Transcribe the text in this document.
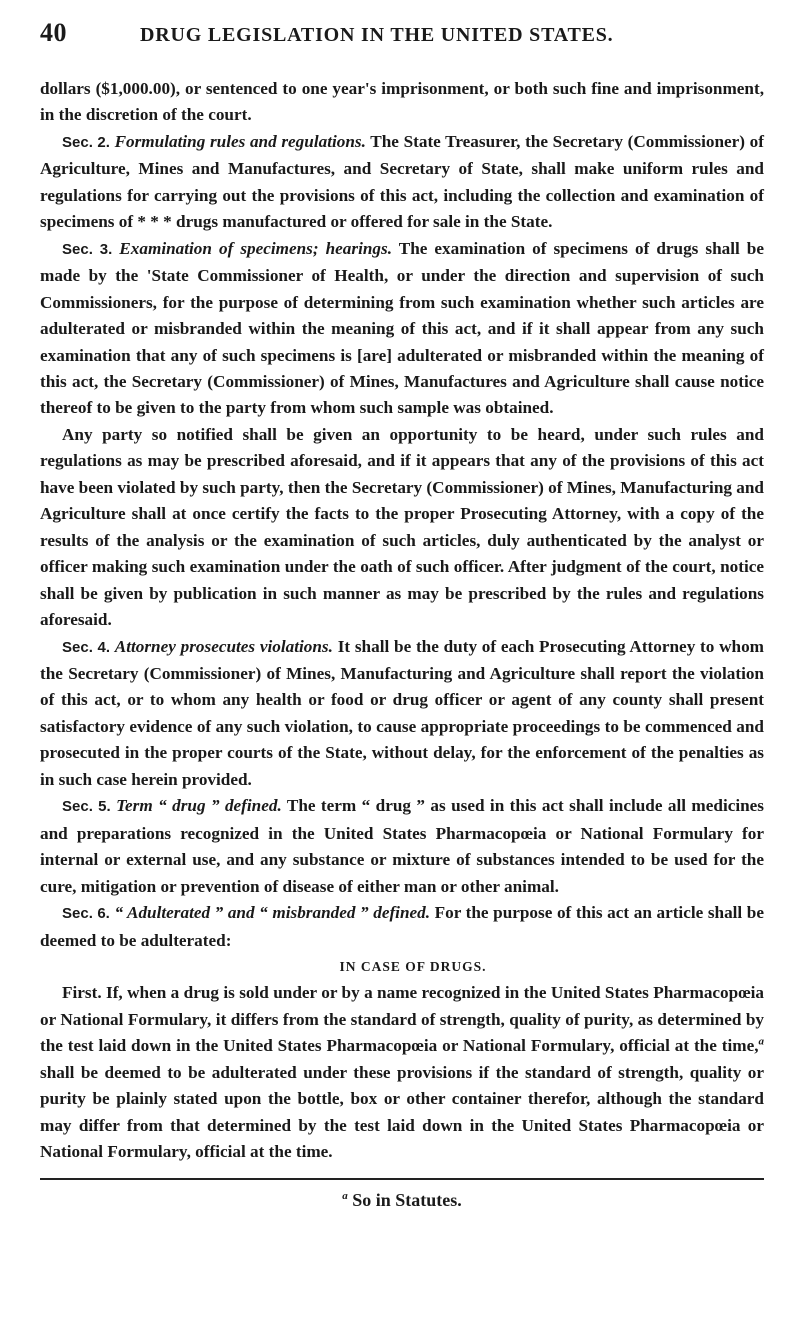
40	DRUG LEGISLATION IN THE UNITED STATES.

dollars ($1,000.00), or sentenced to one year's imprisonment, or both such fine and imprisonment, in the discretion of the court.

Sec. 2. Formulating rules and regulations. The State Treasurer, the Secretary (Commissioner) of Agriculture, Mines and Manufactures, and Secretary of State, shall make uniform rules and regulations for carrying out the provisions of this act, including the collection and examination of specimens of * * * drugs manufactured or offered for sale in the State.

Sec. 3. Examination of specimens; hearings. The examination of specimens of drugs shall be made by the 'State Commissioner of Health, or under the direction and supervision of such Commissioners, for the purpose of determining from such examination whether such articles are adulterated or misbranded within the meaning of this act, and if it shall appear from any such examination that any of such specimens is [are] adulterated or misbranded within the meaning of this act, the Secretary (Commissioner) of Mines, Manufactures and Agriculture shall cause notice thereof to be given to the party from whom such sample was obtained.

Any party so notified shall be given an opportunity to be heard, under such rules and regulations as may be prescribed aforesaid, and if it appears that any of the provisions of this act have been violated by such party, then the Secretary (Commissioner) of Mines, Manufacturing and Agriculture shall at once certify the facts to the proper Prosecuting Attorney, with a copy of the results of the analysis or the examination of such articles, duly authenticated by the analyst or officer making such examination under the oath of such officer. After judgment of the court, notice shall be given by publication in such manner as may be prescribed by the rules and regulations aforesaid.

Sec. 4. Attorney prosecutes violations. It shall be the duty of each Prosecuting Attorney to whom the Secretary (Commissioner) of Mines, Manufacturing and Agriculture shall report the violation of this act, or to whom any health or food or drug officer or agent of any county shall present satisfactory evidence of any such violation, to cause appropriate proceedings to be commenced and prosecuted in the proper courts of the State, without delay, for the enforcement of the penalties as in such case herein provided.

Sec. 5. Term “ drug ” defined. The term “ drug ” as used in this act shall include all medicines and preparations recognized in the United States Pharmacopœia or National Formulary for internal or external use, and any substance or mixture of substances intended to be used for the cure, mitigation or prevention of disease of either man or other animal.

Sec. 6. “ Adulterated ” and “ misbranded ” defined. For the purpose of this act an article shall be deemed to be adulterated:

IN CASE OF DRUGS.

First. If, when a drug is sold under or by a name recognized in the United States Pharmacopœia or National Formulary, it differs from the standard of strength, quality of purity, as determined by the test laid down in the United States Pharmacopœia or National Formulary, official at the time,$^a$ shall be deemed to be adulterated under these provisions if the standard of strength, quality or purity be plainly stated upon the bottle, box or other container therefor, although the standard may differ from that determined by the test laid down in the United States Pharmacopœia or National Formulary, official at the time.

$^a$ So in Statutes.
